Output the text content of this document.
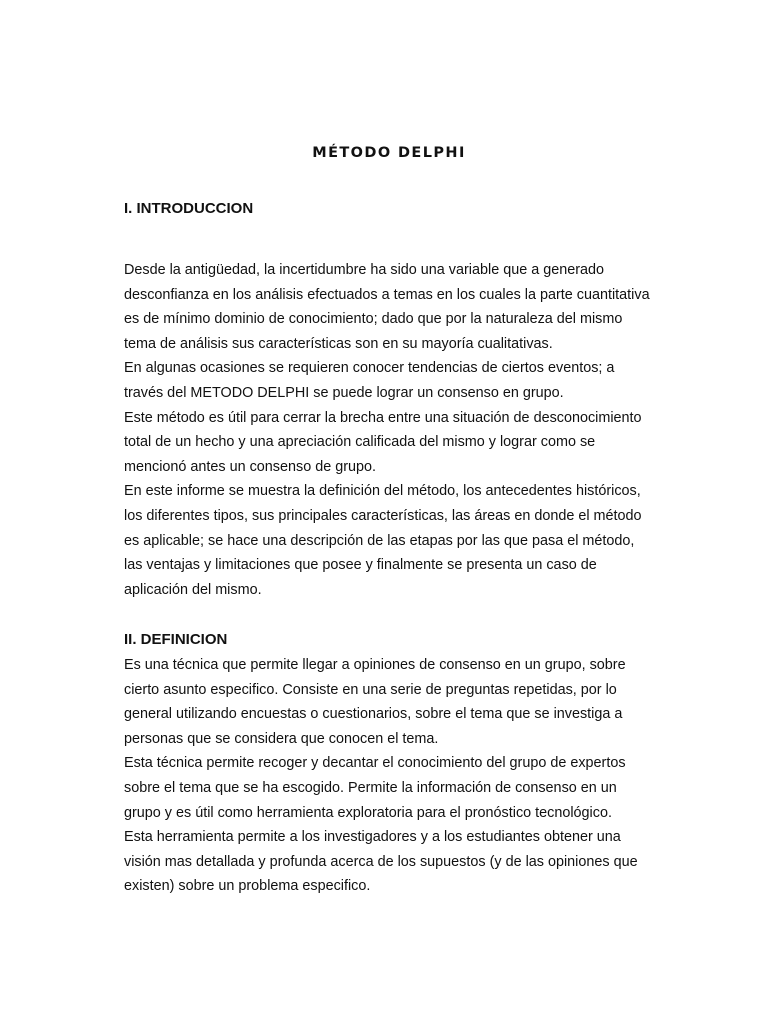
MÉTODO DELPHI
I. INTRODUCCION

Desde la antigüedad, la incertidumbre ha sido una variable que a generado desconfianza en los análisis efectuados a temas en los cuales la parte cuantitativa es de mínimo dominio de conocimiento; dado que por la naturaleza del mismo tema de análisis sus características son en su mayoría cualitativas.

En algunas ocasiones se requieren conocer tendencias de ciertos eventos; a través del METODO DELPHI se puede lograr un consenso en grupo.

Este método es útil para cerrar la brecha entre una situación de desconocimiento total de un hecho y una apreciación calificada del mismo y lograr como se mencionó antes un consenso de grupo.

En este informe se muestra la definición del método, los antecedentes históricos, los diferentes tipos, sus principales características, las áreas en donde el método es aplicable; se hace una descripción de las etapas por las que pasa el método, las ventajas y limitaciones que posee y finalmente se presenta un caso de aplicación del mismo.

II. DEFINICION

Es una técnica que permite llegar a opiniones de consenso en un grupo, sobre cierto asunto especifico. Consiste en una serie de preguntas repetidas, por lo general utilizando encuestas o cuestionarios, sobre el tema que se investiga a personas que se considera que conocen el tema.

Esta técnica permite recoger y decantar el conocimiento del grupo de expertos sobre el tema que se ha escogido. Permite la información de consenso en un grupo y es útil como herramienta exploratoria para el pronóstico tecnológico.

Esta herramienta permite a los investigadores y a los estudiantes obtener una visión mas detallada y profunda acerca de los supuestos (y de las opiniones que existen) sobre un problema especifico.
